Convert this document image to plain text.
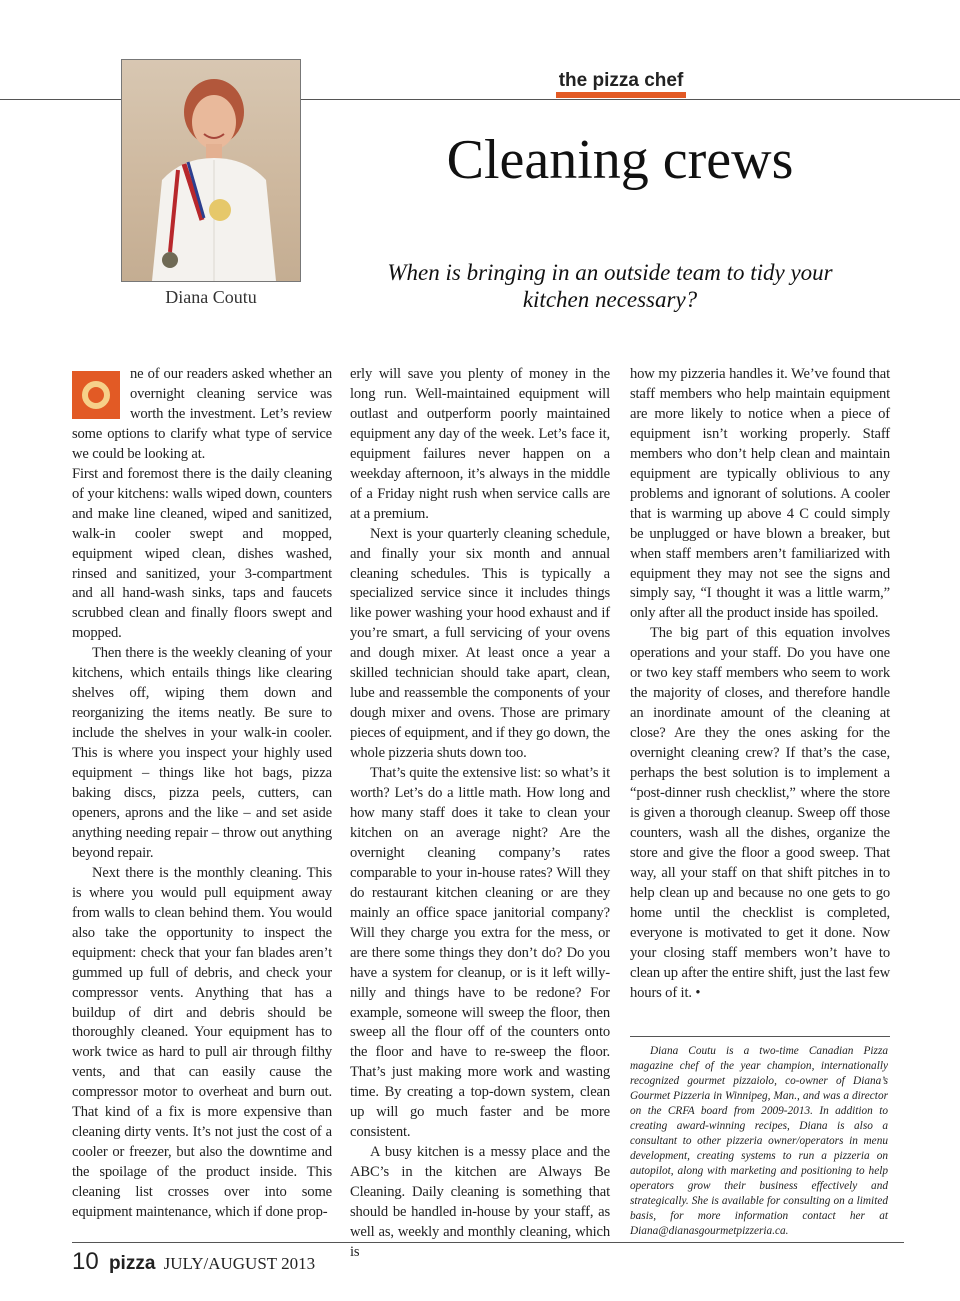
Diana Coutu
the pizza chef
Cleaning crews
When is bringing in an outside team to tidy your
kitchen necessary?

ne of our readers asked whether an overnight cleaning service was worth the investment. Let’s review some options to clarify what type of service we could be looking at.

First and foremost there is the daily cleaning of your kitchens: walls wiped down, counters and make line cleaned, wiped and sanitized, walk-in cooler swept and mopped, equipment wiped clean, dishes washed, rinsed and sanitized, your 3-compartment and all hand-wash sinks, taps and faucets scrubbed clean and finally floors swept and mopped.

Then there is the weekly cleaning of your kitchens, which entails things like clearing shelves off, wiping them down and reorganizing the items neatly. Be sure to include the shelves in your walk-in cooler. This is where you inspect your highly used equipment – things like hot bags, pizza baking discs, pizza peels, cutters, can openers, aprons and the like – and set aside anything needing repair – throw out anything beyond repair.

Next there is the monthly cleaning. This is where you would pull equipment away from walls to clean behind them. You would also take the opportunity to inspect the equipment: check that your fan blades aren’t gummed up full of debris, and check your compressor vents. Anything that has a buildup of dirt and debris should be thoroughly cleaned. Your equipment has to work twice as hard to pull air through filthy vents, and that can easily cause the compressor motor to overheat and burn out. That kind of a fix is more expensive than cleaning dirty vents. It’s not just the cost of a cooler or freezer, but also the downtime and the spoilage of the product inside. This cleaning list crosses over into some equipment maintenance, which if done prop-

erly will save you plenty of money in the long run. Well-maintained equipment will outlast and outperform poorly maintained equipment any day of the week. Let’s face it, equipment failures never happen on a weekday afternoon, it’s always in the middle of a Friday night rush when service calls are at a premium.

Next is your quarterly cleaning schedule, and finally your six month and annual cleaning schedules. This is typically a specialized service since it includes things like power washing your hood exhaust and if you’re smart, a full servicing of your ovens and dough mixer. At least once a year a skilled technician should take apart, clean, lube and reassemble the components of your dough mixer and ovens. Those are primary pieces of equipment, and if they go down, the whole pizzeria shuts down too.

That’s quite the extensive list: so what’s it worth? Let’s do a little math. How long and how many staff does it take to clean your kitchen on an average night? Are the overnight cleaning company’s rates comparable to your in-house rates? Will they do restaurant kitchen cleaning or are they mainly an office space janitorial company? Will they charge you extra for the mess, or are there some things they don’t do? Do you have a system for cleanup, or is it left willy-nilly and things have to be redone? For example, someone will sweep the floor, then sweep all the flour off of the counters onto the floor and have to re-sweep the floor. That’s just making more work and wasting time. By creating a top-down system, clean up will go much faster and be more consistent.

A busy kitchen is a messy place and the ABC’s in the kitchen are Always Be Cleaning. Daily cleaning is something that should be handled in-house by your staff, as well as, weekly and monthly cleaning, which is

how my pizzeria handles it. We’ve found that staff members who help maintain equipment are more likely to notice when a piece of equipment isn’t working properly. Staff members who don’t help clean and maintain equipment are typically oblivious to any problems and ignorant of solutions. A cooler that is warming up above 4 C could simply be unplugged or have blown a breaker, but when staff members aren’t familiarized with equipment they may not see the signs and simply say, “I thought it was a little warm,” only after all the product inside has spoiled.

The big part of this equation involves operations and your staff. Do you have one or two key staff members who seem to work the majority of closes, and therefore handle an inordinate amount of the cleaning at close? Are they the ones asking for the overnight cleaning crew? If that’s the case, perhaps the best solution is to implement a “post-dinner rush checklist,” where the store is given a thorough cleanup. Sweep off those counters, wash all the dishes, organize the store and give the floor a good sweep. That way, all your staff on that shift pitches in to help clean up and because no one gets to go home until the checklist is completed, everyone is motivated to get it done. Now your closing staff members won’t have to clean up after the entire shift, just the last few hours of it. •

Diana Coutu is a two-time Canadian Pizza magazine chef of the year champion, internationally recognized gourmet pizzaiolo, co-owner of Diana’s Gourmet Pizzeria in Winnipeg, Man., and was a director on the CRFA board from 2009-2013. In addition to creating award-winning recipes, Diana is also a consultant to other pizzeria owner/operators in menu development, creating systems to run a pizzeria on autopilot, along with marketing and positioning to help operators grow their business effectively and strategically. She is available for consulting on a limited basis, for more information contact her at Diana@dianasgourmetpizzeria.ca.
10 pizza JULY/AUGUST 2013
